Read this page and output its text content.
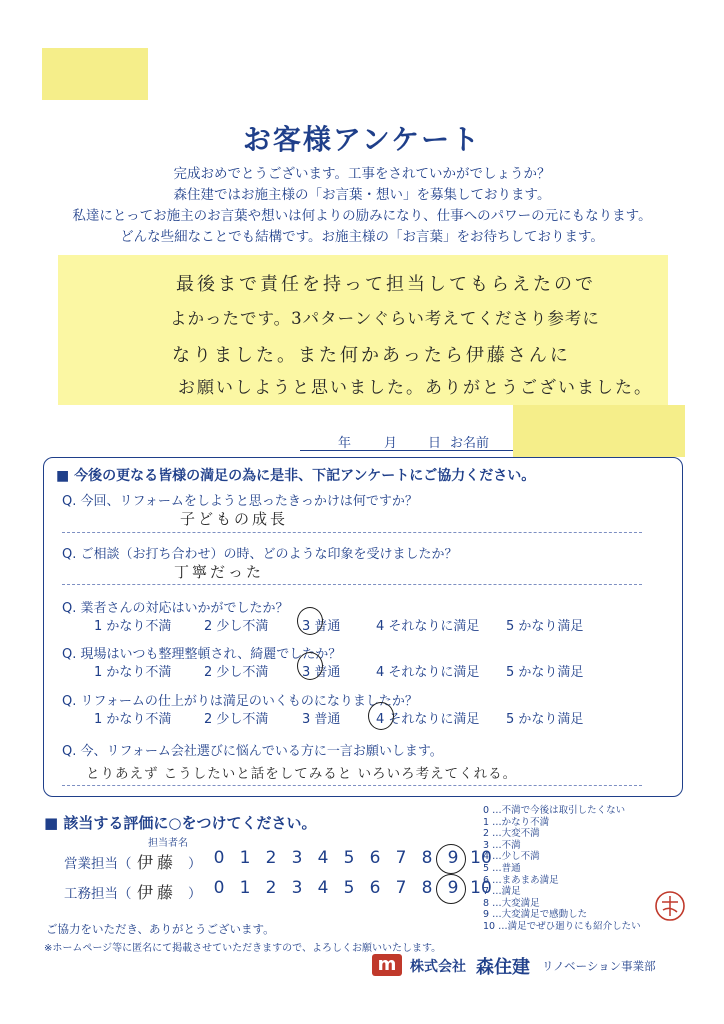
お客様アンケート
完成おめでとうございます。工事をされていかがでしょうか？
森住建ではお施主様の「お言葉・想い」を募集しております。
私達にとってお施主のお言葉や想いは何よりの励みになり、仕事へのパワーの元にもなります。
どんな些細なことでも結構です。お施主様の「お言葉」をお待ちしております。
最後まで責任を持って担当してもらえたので
よかったです。3パターンぐらい考えてくださり参考に
なりました。また何かあったら伊藤さんに
お願いしようと思いました。ありがとうございました。
年	月 日 お名前
■ 今後の更なる皆様の満足の為に是非、下記アンケートにご協力ください。
Q. 今回、リフォームをしようと思ったきっかけは何ですか？
子どもの成長
Q. ご相談（お打ち合わせ）の時、どのような印象を受けましたか？
丁寧だった
Q. 業者さんの対応はいかがでしたか？
1 かなり不満	2 少し不満	3 普通	4 それなりに満足 5 かなり満足
Q. 現場はいつも整理整頓され、綺麗でしたか？
1 かなり不満	2 少し不満	3 普通	4 それなりに満足 5 かなり満足
Q. リフォームの仕上がりは満足のいくものになりましたか？
1 かなり不満	2 少し不満	3 普通	4 それなりに満足 5 かなり満足
Q. 今、リフォーム会社選びに悩んでいる方に一言お願いします。
とりあえず こうしたいと話をしてみると いろいろ考えてくれる。
■ 該当する評価に○をつけてください。
担当者名
営業担当（ 伊藤 ） 0 1 2 3 4 5 6 7 8 9 10
工務担当（ 伊藤 ） 0 1 2 3 4 5 6 7 8 9 10
0 …不満で今後は取引したくない
1 …かなり不満
2 …大変不満
3 …不満
4 …少し不満
5 …普通
6 …まあまあ満足
7 …満足
8 …大変満足
9 …大変満足で感動した
10 …満足でぜひ廻りにも紹介したい
ご協力をいただき、ありがとうございます。
※ホームページ等に匿名にて掲載させていただきますので、よろしくお願いいたします。
m 株式会社 森住建 リノベーション事業部
